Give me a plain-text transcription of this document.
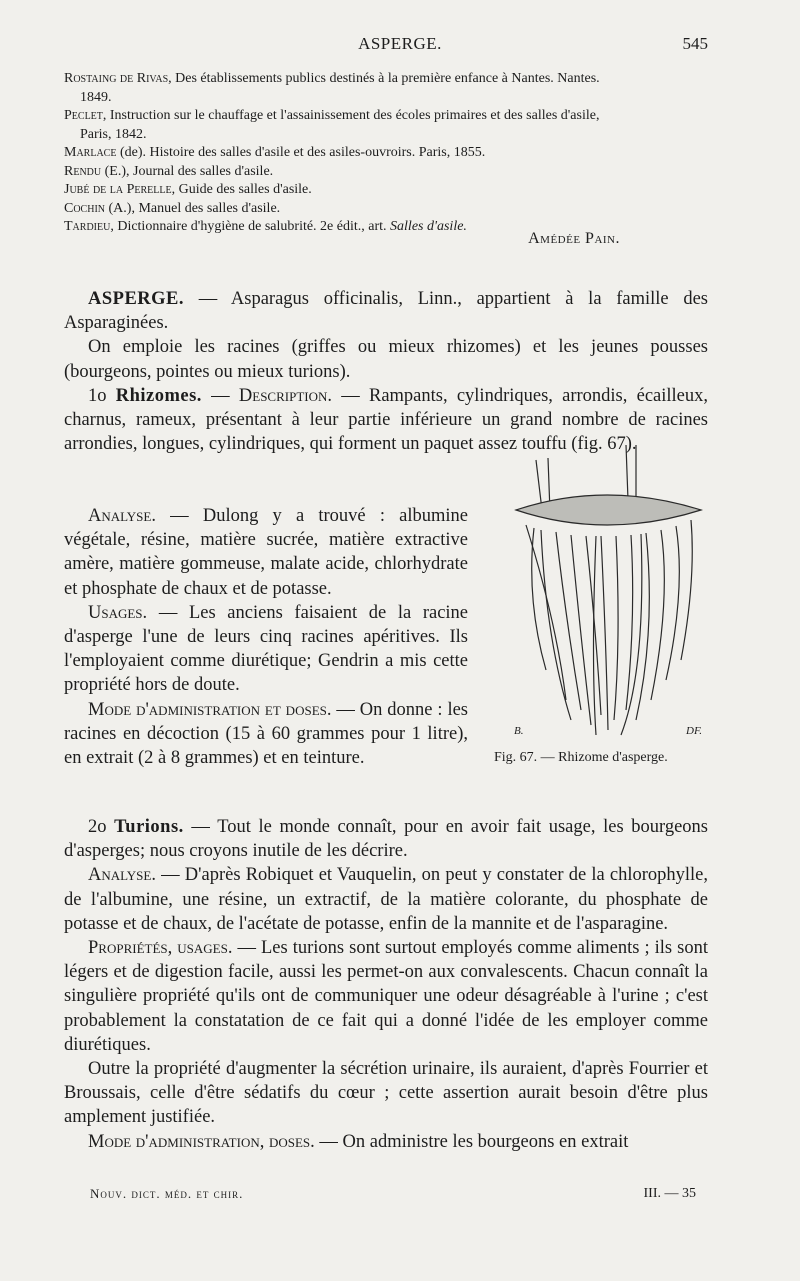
ASPERGE.	545

Rostaing de Rivas, Des établissements publics destinés à la première enfance à Nantes. Nantes.
1849.

Peclet, Instruction sur le chauffage et l'assainissement des écoles primaires et des salles d'asile,
Paris, 1842.

Marlace (de). Histoire des salles d'asile et des asiles-ouvroirs. Paris, 1855.

Rendu (E.), Journal des salles d'asile.

Jubé de la Perelle, Guide des salles d'asile.

Cochin (A.), Manuel des salles d'asile.

Tardieu, Dictionnaire d'hygiène de salubrité. 2e édit., art. Salles d'asile.

Amédée Pain.

ASPERGE. — Asparagus officinalis, Linn., appartient à la famille des Asparaginées.

On emploie les racines (griffes ou mieux rhizomes) et les jeunes pousses (bourgeons, pointes ou mieux turions).

1o Rhizomes. — Description. — Rampants, cylindriques, arrondis, écailleux, charnus, rameux, présentant à leur partie inférieure un grand nombre de racines arrondies, longues, cylindriques, qui forment un paquet assez touffu (fig. 67).

Analyse. — Dulong y a trouvé : albumine végétale, résine, matière sucrée, matière extractive amère, matière gommeuse, malate acide, chlorhydrate et phosphate de chaux et de potasse.

Usages. — Les anciens faisaient de la racine d'asperge l'une de leurs cinq racines apéritives. Ils l'employaient comme diurétique; Gendrin a mis cette propriété hors de doute.

Mode d'administration et doses. — On donne : les racines en décoction (15 à 60 grammes pour 1 litre), en extrait (2 à 8 grammes) et en teinture.

B.	DF.
Fig. 67. — Rhizome d'asperge.

2o Turions. — Tout le monde connaît, pour en avoir fait usage, les bourgeons d'asperges; nous croyons inutile de les décrire.

Analyse. — D'après Robiquet et Vauquelin, on peut y constater de la chlorophylle, de l'albumine, une résine, un extractif, de la matière colorante, du phosphate de potasse et de chaux, de l'acétate de potasse, enfin de la mannite et de l'asparagine.

Propriétés, usages. — Les turions sont surtout employés comme aliments ; ils sont légers et de digestion facile, aussi les permet-on aux convalescents. Chacun connaît la singulière propriété qu'ils ont de communiquer une odeur désagréable à l'urine ; c'est probablement la constatation de ce fait qui a donné l'idée de les employer comme diurétiques.

Outre la propriété d'augmenter la sécrétion urinaire, ils auraient, d'après Fourrier et Broussais, celle d'être sédatifs du cœur ; cette assertion aurait besoin d'être plus amplement justifiée.

Mode d'administration, doses. — On administre les bourgeons en extrait

Nouv. dict. méd. et chir.	III. — 35
